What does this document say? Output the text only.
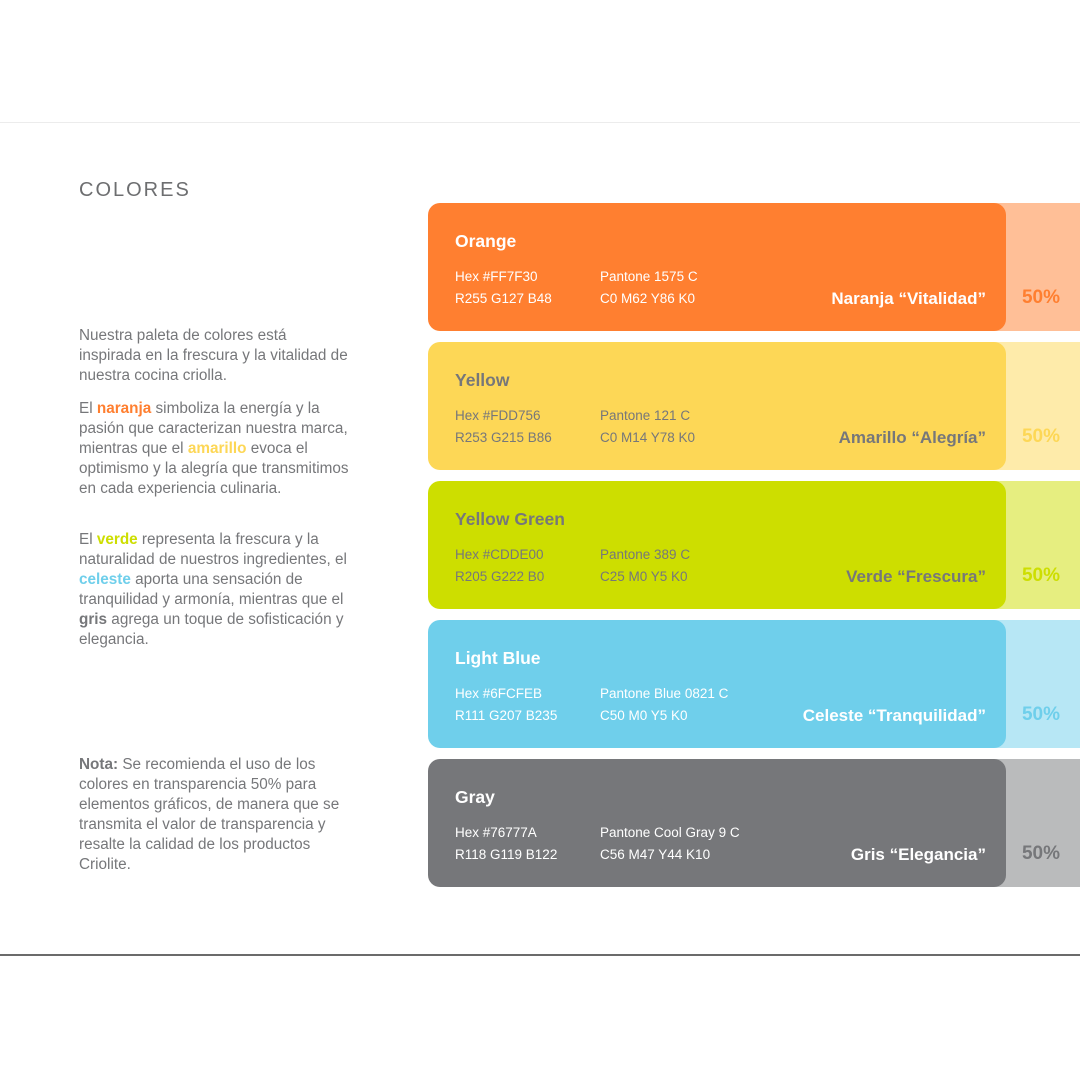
COLORES
Nuestra paleta de colores está inspirada en la frescura y la vitalidad de nuestra cocina criolla.
El naranja simboliza la energía y la pasión que caracterizan nuestra marca, mientras que el amarillo evoca el optimismo y la alegría que transmitimos en cada experiencia culinaria.
El verde representa la frescura y la naturalidad de nuestros ingredientes, el celeste aporta una sensación de tranquilidad y armonía, mientras que el gris agrega un toque de sofisticación y elegancia.
Nota: Se recomienda el uso de los colores en transparencia 50% para elementos gráficos, de manera que se transmita el valor de transparencia y resalte la calidad de los productos Criolite.
50%
Orange
Hex #FF7F30
R255 G127 B48
Pantone 1575 C
C0 M62 Y86 K0	Naranja “Vitalidad”
50%
Yellow
Hex #FDD756
R253 G215 B86
Pantone 121 C
C0 M14 Y78 K0	Amarillo “Alegría”
50%
Yellow Green
Hex #CDDE00
R205 G222 B0
Pantone 389 C
C25 M0 Y5 K0	Verde “Frescura”
50%
Light Blue
Hex #6FCFEB
R111 G207 B235
Pantone Blue 0821 C
C50 M0 Y5 K0	Celeste “Tranquilidad”
50%
Gray
Hex #76777A
R118 G119 B122
Pantone Cool Gray 9 C
C56 M47 Y44 K10	Gris “Elegancia”
